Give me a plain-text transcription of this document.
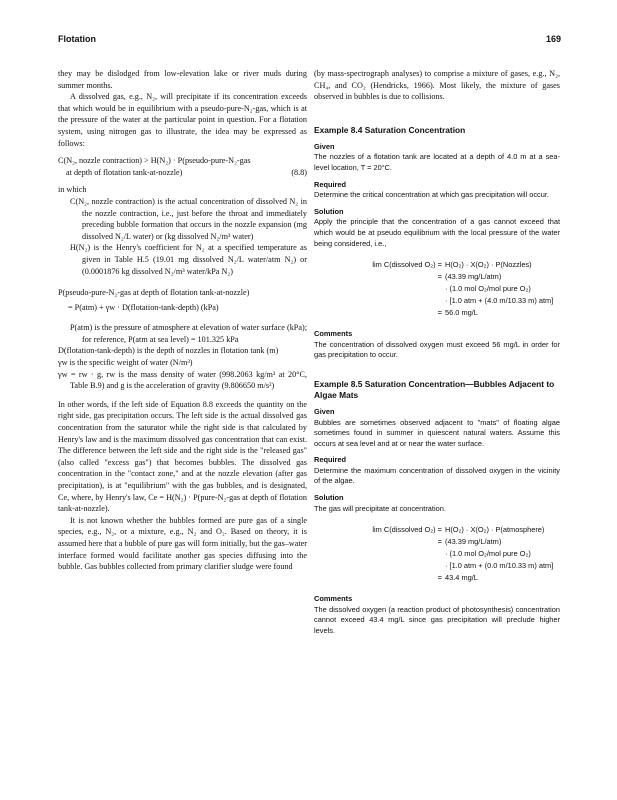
Flotation	169

they may be dislodged from low-elevation lake or river muds during summer months.

A dissolved gas, e.g., N₂, will precipitate if its concentration exceeds that which would be in equilibrium with a pseudo-pure-N₂-gas, which is at the pressure of the water at the particular point in question. For a flotation system, using nitrogen gas to illustrate, the idea may be expressed as follows:

C(N₂, nozzle contraction) > H(N₂) · P(pseudo-pure-N₂-gas
at depth of flotation tank-at-nozzle)	(8.8)

in which

C(N₂, nozzle contraction) is the actual concentration of dissolved N₂ in the nozzle contraction, i.e., just before the throat and immediately preceding bubble formation that occurs in the nozzle expansion (mg dissolved N₂/L water) or (kg dissolved N₂/m³ water)

H(N₂) is the Henry's coefficient for N₂ at a specified temperature as given in Table H.5 (19.01 mg dissolved N₂/L water/atm N₂) or (0.0001876 kg dissolved N₂/m³ water/kPa N₂)

P(pseudo-pure-N₂-gas at depth of flotation tank-at-nozzle)
= P(atm) + γw · D(flotation-tank-depth) (kPa)

P(atm) is the pressure of atmosphere at elevation of water surface (kPa); for reference, P(atm at sea level) = 101.325 kPa

D(flotation-tank-depth) is the depth of nozzles in flotation tank (m)

γw is the specific weight of water (N/m³)

γw = rw · g, rw is the mass density of water (998.2063 kg/m³ at 20°C, Table B.9) and g is the acceleration of gravity (9.806650 m/s²)

In other words, if the left side of Equation 8.8 exceeds the quantity on the right side, gas precipitation occurs. The left side is the actual dissolved gas concentration from the saturator while the right side is that calculated by Henry's law and is the maximum dissolved gas concentration that can exist. The difference between the left side and the right side is the "released gas" (also called "excess gas") that becomes bubbles. The dissolved gas concentration in the "contact zone," and at the nozzle elevation (after gas precipitation), is at "equilibrium" with the gas bubbles, and is designated, Ce, where, by Henry's law, Ce = H(N₂) · P(pure-N₂-gas at depth of flotation tank-at-nozzle).

It is not known whether the bubbles formed are pure gas of a single species, e.g., N₂, or a mixture, e.g., N₂ and O₂. Based on theory, it is assumed here that a bubble of pure gas will form initially, but the gas–water interface formed would facilitate another gas species diffusing into the bubble. Gas bubbles collected from primary clarifier sludge were found

(by mass-spectrograph analyses) to comprise a mixture of gases, e.g., N₂, CH₄, and CO₂ (Hendricks, 1966). Most likely, the mixture of gases observed in bubbles is due to collisions.

Example 8.4 Saturation Concentration
Given

The nozzles of a flotation tank are located at a depth of 4.0 m at a sea-level location, T = 20°C.

Required

Determine the critical concentration at which gas precipitation will occur.

Solution

Apply the principle that the concentration of a gas cannot exceed that which would be at pseudo equilibrium with the local pressure of the water being considered, i.e.,

lim C(dissolved O₂) = H(O₂) · X(O₂) · P(Nozzles)
= (43.39 mg/L/atm)
· (1.0 mol O₂/mol pure O₂)
· [1.0 atm + (4.0 m/10.33 m) atm]
= 56.0 mg/L
Comments

The concentration of dissolved oxygen must exceed 56 mg/L in order for gas precipitation to occur.

Example 8.5 Saturation Concentration—Bubbles Adjacent to Algae Mats
Given

Bubbles are sometimes observed adjacent to "mats" of floating algae sometimes found in summer in quiescent natural waters. Assume this occurs at sea level and at or near the water surface.

Required

Determine the maximum concentration of dissolved oxygen in the vicinity of the algae.

Solution

The gas will precipitate at concentration.

lim C(dissolved O₂) = H(O₂) · X(O₂) · P(atmosphere)
= (43.39 mg/L/atm)
· (1.0 mol O₂/mol pure O₂)
· [1.0 atm + (0.0 m/10.33 m) atm]
= 43.4 mg/L
Comments

The dissolved oxygen (a reaction product of photosynthesis) concentration cannot exceed 43.4 mg/L since gas precipitation will preclude higher levels.
